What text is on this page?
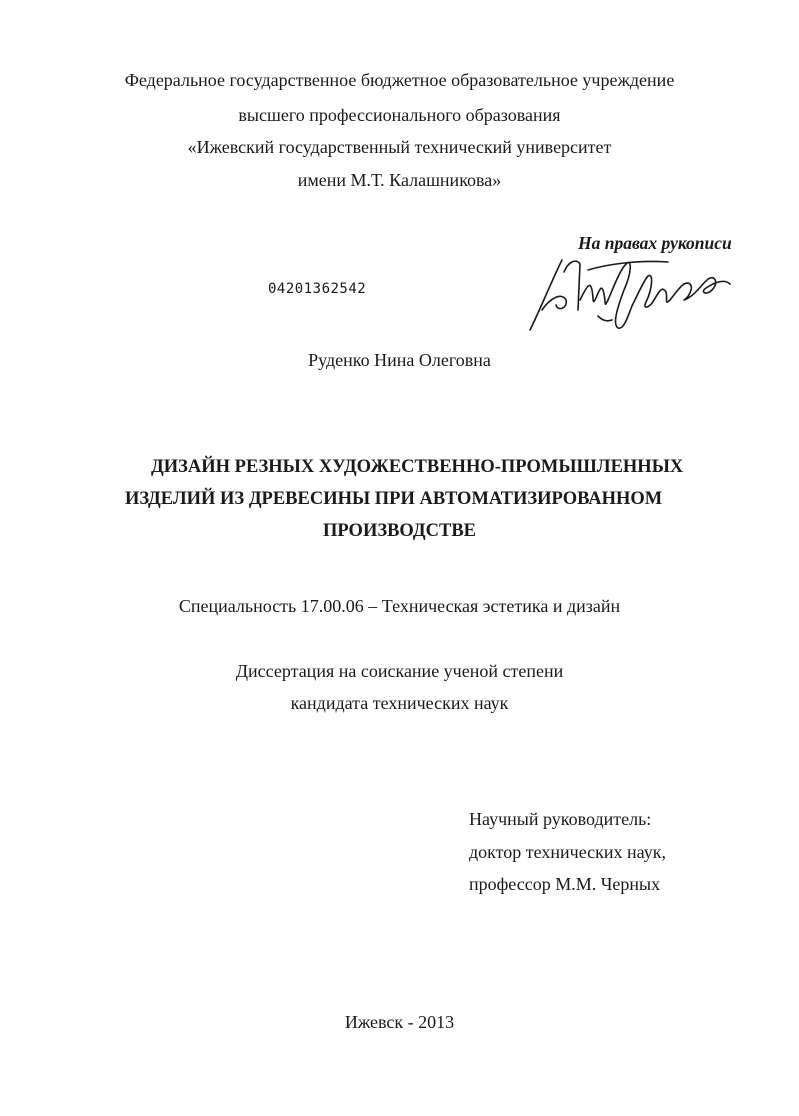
Федеральное государственное бюджетное образовательное учреждение
высшего профессионального образования
«Ижевский государственный технический университет
имени М.Т. Калашникова»
На правах рукописи
04201362542
Руденко Нина Олеговна
ДИЗАЙН РЕЗНЫХ ХУДОЖЕСТВЕННО-ПРОМЫШЛЕННЫХ
ИЗДЕЛИЙ ИЗ ДРЕВЕСИНЫ ПРИ АВТОМАТИЗИРОВАННОМ
ПРОИЗВОДСТВЕ
Специальность 17.00.06 – Техническая эстетика и дизайн
Диссертация на соискание ученой степени
кандидата технических наук
Научный руководитель:
доктор технических наук,
профессор М.М. Черных
Ижевск - 2013
